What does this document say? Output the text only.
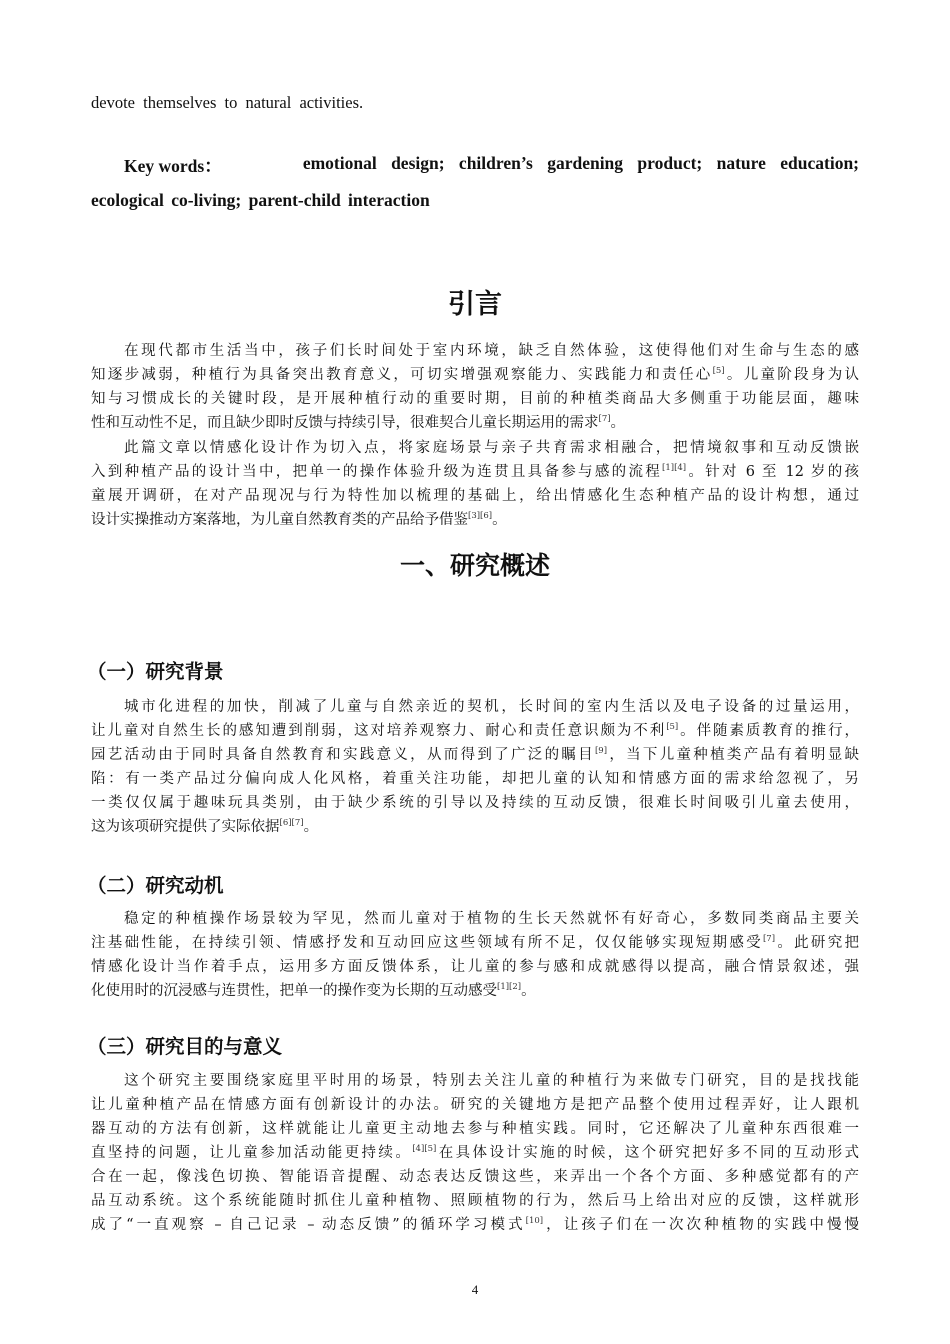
devote themselves to natural activities.
Key words：	emotional design; children’s gardening product; nature education;
ecological co-living; parent-child interaction
引言
在现代都市生活当中，孩子们长时间处于室内环境，缺乏自然体验，这使得他们对生命与生态的感
知逐步减弱，种植行为具备突出教育意义，可切实增强观察能力、实践能力和责任心[5]。儿童阶段身为认
知与习惯成长的关键时段，是开展种植行动的重要时期，目前的种植类商品大多侧重于功能层面，趣味
性和互动性不足，而且缺少即时反馈与持续引导，很难契合儿童长期运用的需求[7]。
此篇文章以情感化设计作为切入点，将家庭场景与亲子共育需求相融合，把情境叙事和互动反馈嵌
入到种植产品的设计当中，把单一的操作体验升级为连贯且具备参与感的流程[1][4]。针对 6 至 12 岁的孩
童展开调研，在对产品现况与行为特性加以梳理的基础上，给出情感化生态种植产品的设计构想，通过
设计实操推动方案落地，为儿童自然教育类的产品给予借鉴[3][6]。
一、研究概述
（一）研究背景
城市化进程的加快，削减了儿童与自然亲近的契机，长时间的室内生活以及电子设备的过量运用，
让儿童对自然生长的感知遭到削弱，这对培养观察力、耐心和责任意识颇为不利[5]。伴随素质教育的推行，
园艺活动由于同时具备自然教育和实践意义，从而得到了广泛的瞩目[9]，当下儿童种植类产品有着明显缺
陷：有一类产品过分偏向成人化风格，着重关注功能，却把儿童的认知和情感方面的需求给忽视了，另
一类仅仅属于趣味玩具类别，由于缺少系统的引导以及持续的互动反馈，很难长时间吸引儿童去使用，
这为该项研究提供了实际依据[6][7]。
（二）研究动机
稳定的种植操作场景较为罕见，然而儿童对于植物的生长天然就怀有好奇心，多数同类商品主要关
注基础性能，在持续引领、情感抒发和互动回应这些领域有所不足，仅仅能够实现短期感受[7]。此研究把
情感化设计当作着手点，运用多方面反馈体系，让儿童的参与感和成就感得以提高，融合情景叙述，强
化使用时的沉浸感与连贯性，把单一的操作变为长期的互动感受[1][2]。
（三）研究目的与意义
这个研究主要围绕家庭里平时用的场景，特别去关注儿童的种植行为来做专门研究，目的是找找能
让儿童种植产品在情感方面有创新设计的办法。研究的关键地方是把产品整个使用过程弄好，让人跟机
器互动的方法有创新，这样就能让儿童更主动地去参与种植实践。同时，它还解决了儿童种东西很难一
直坚持的问题，让儿童参加活动能更持续。[4][5]在具体设计实施的时候，这个研究把好多不同的互动形式
合在一起，像浅色切换、智能语音提醒、动态表达反馈这些，来弄出一个各个方面、多种感觉都有的产
品互动系统。这个系统能随时抓住儿童种植物、照顾植物的行为，然后马上给出对应的反馈，这样就形
成了“一直观察 – 自己记录 – 动态反馈”的循环学习模式[10]，让孩子们在一次次种植物的实践中慢慢
4
